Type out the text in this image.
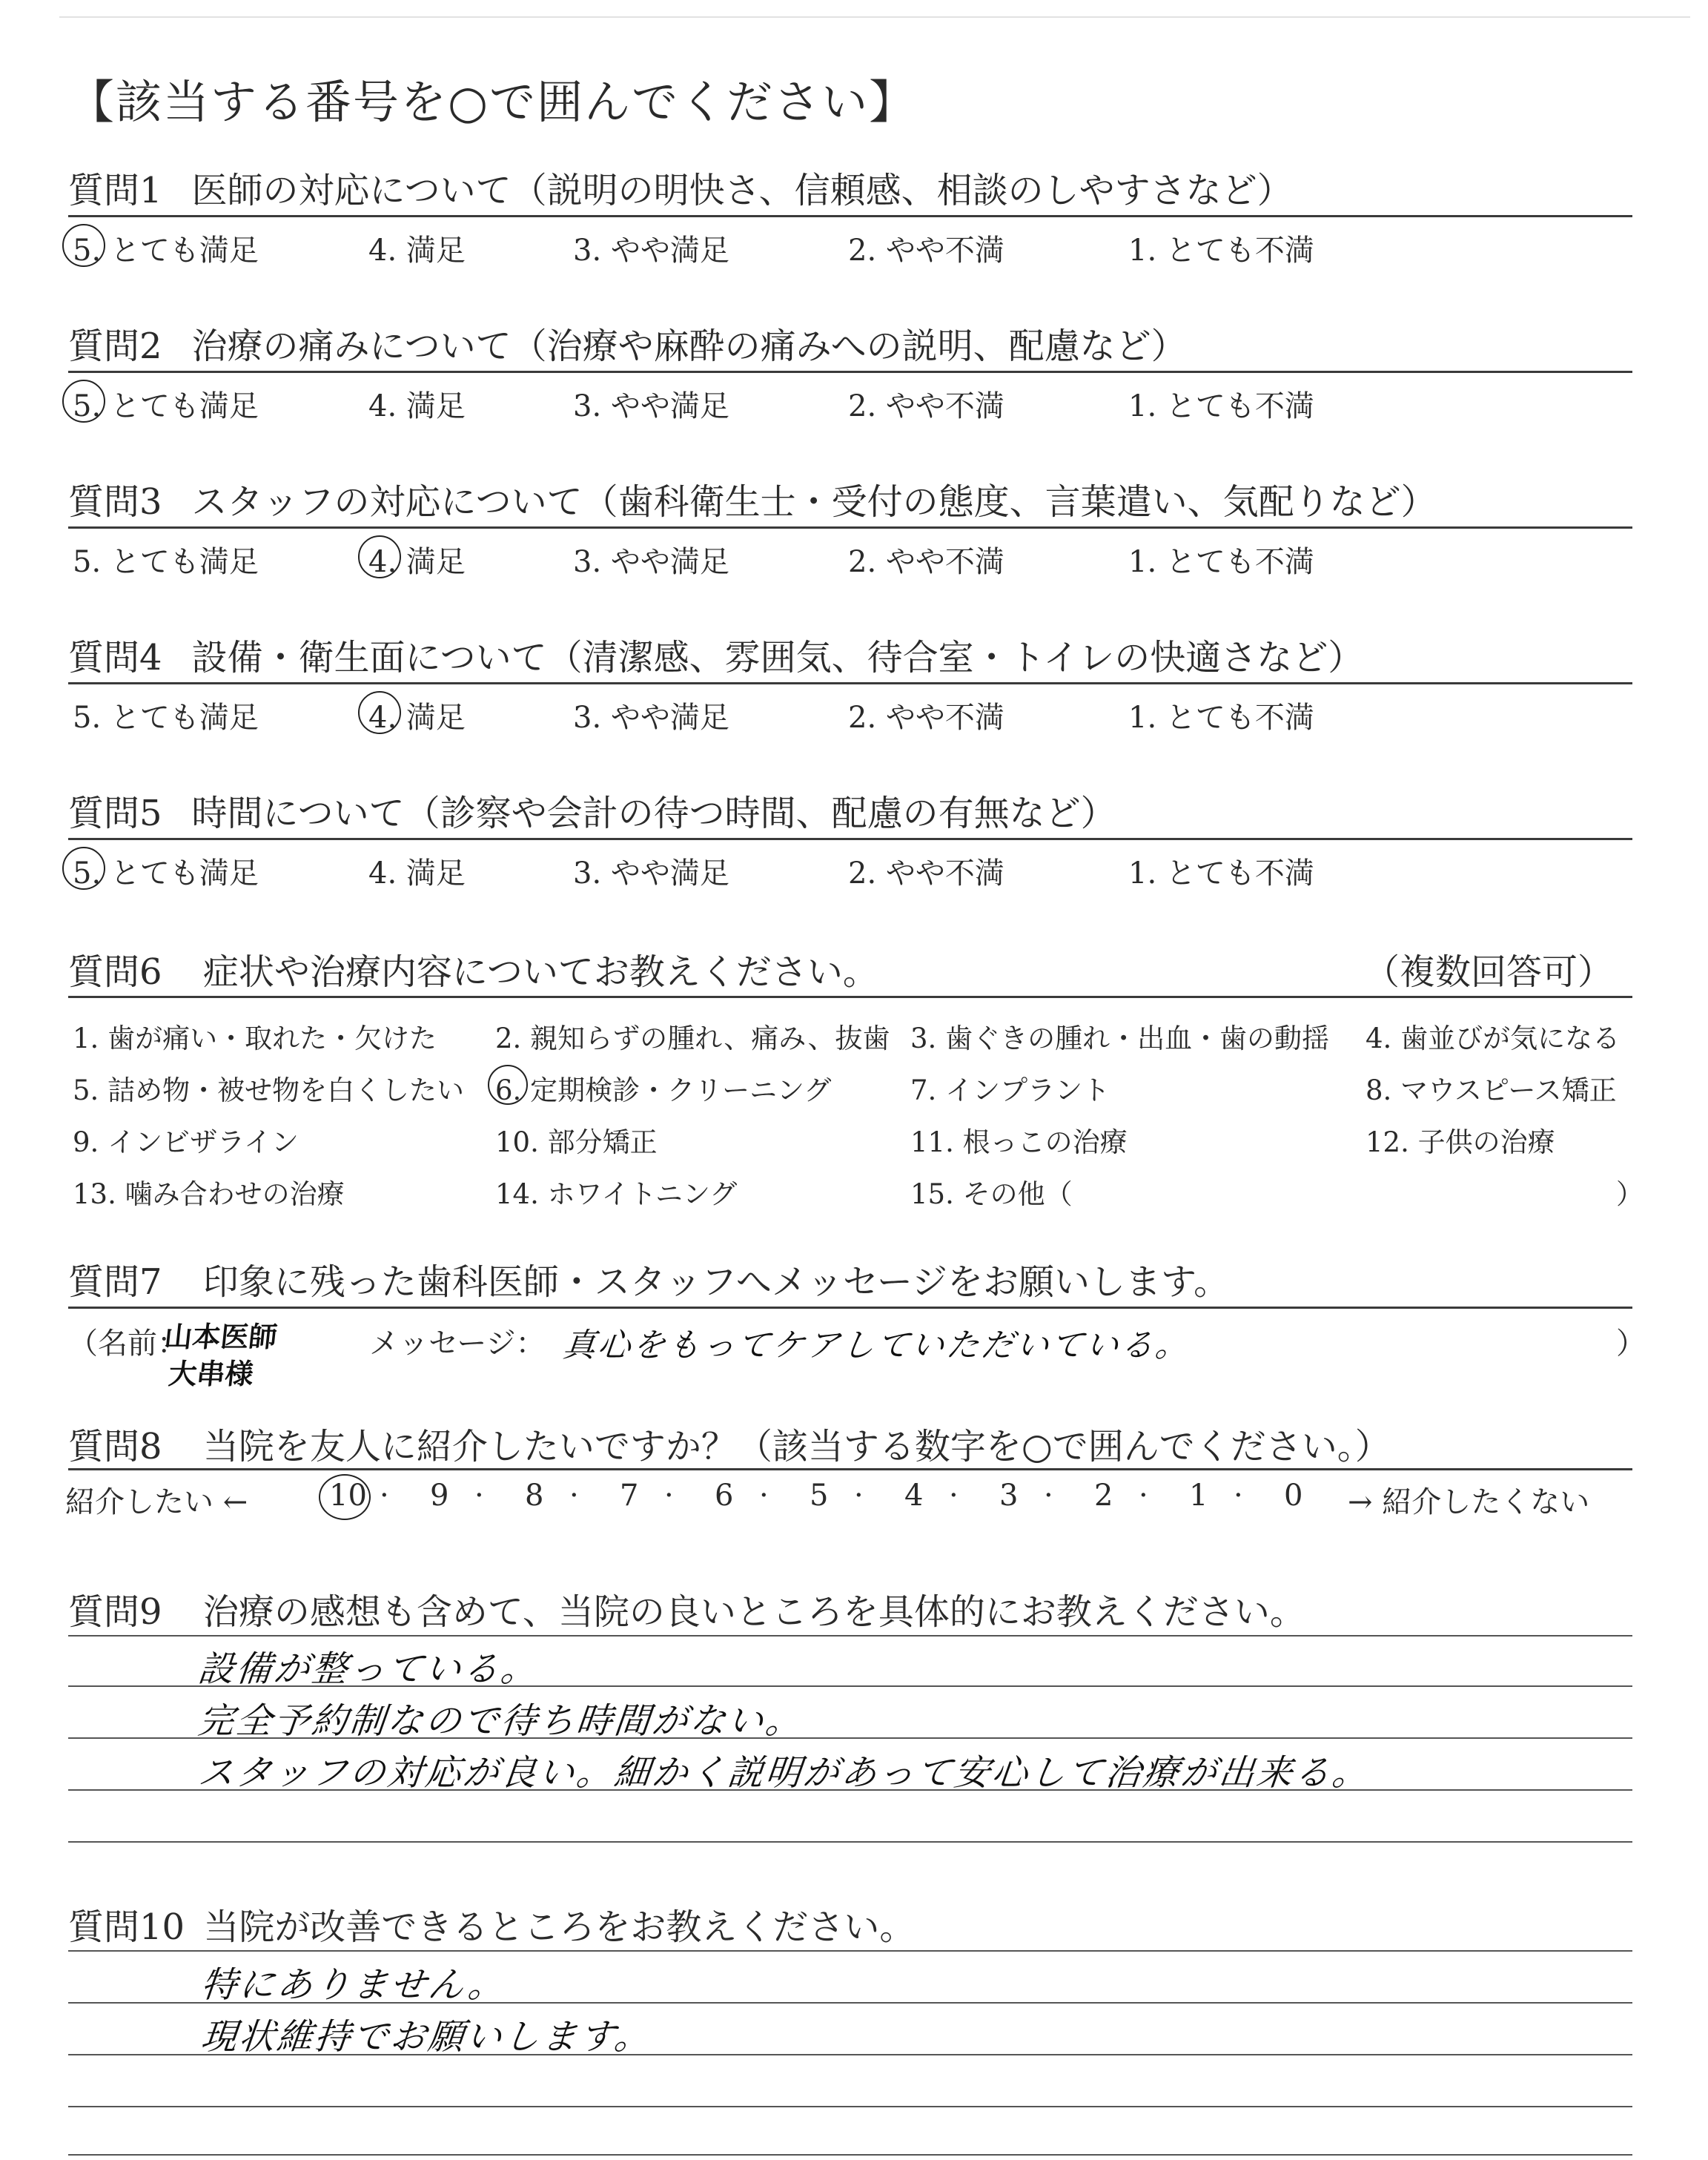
【該当する番号を○で囲んでください】
質問1 医師の対応について（説明の明快さ、信頼感、相談のしやすさなど）
5. とても満足	4. 満足	3. やや満足	2. やや不満	1. とても不満
質問2 治療の痛みについて（治療や麻酔の痛みへの説明、配慮など）
5. とても満足	4. 満足	3. やや満足	2. やや不満	1. とても不満
質問3 スタッフの対応について（歯科衛生士・受付の態度、言葉遣い、気配りなど）
5. とても満足	4. 満足	3. やや満足	2. やや不満	1. とても不満
質問4 設備・衛生面について（清潔感、雰囲気、待合室・トイレの快適さなど）
5. とても満足	4. 満足	3. やや満足	2. やや不満	1. とても不満
質問5 時間について（診察や会計の待つ時間、配慮の有無など）
5. とても満足	4. 満足	3. やや満足	2. やや不満	1. とても不満
質問6 症状や治療内容についてお教えください。	（複数回答可）
1. 歯が痛い・取れた・欠けた 2. 親知らずの腫れ、痛み、抜歯 3. 歯ぐきの腫れ・出血・歯の動揺 4. 歯並びが気になる
5. 詰め物・被せ物を白くしたい 6. 定期検診・クリーニング	7. インプラント	8. マウスピース矯正
9. インビザライン	10. 部分矯正	11. 根っこの治療	12. 子供の治療
13. 噛み合わせの治療	14. ホワイトニング	15. その他（	）
質問7 印象に残った歯科医師・スタッフへメッセージをお願いします。
（名前：
山本医師
大串様
メッセージ： 真心をもってケアしていただいている。	）
質問8 当院を友人に紹介したいですか？（該当する数字を○で囲んでください。）
紹介したい ←	→ 紹介したくない
10 · 9 · 8 · 7 · 6 · 5 · 4 · 3 · 2 · 1 · 0
質問9 治療の感想も含めて、当院の良いところを具体的にお教えください。
設備が整っている。
完全予約制なので待ち時間がない。
スタッフの対応が良い。細かく説明があって安心して治療が出来る。
質問10 当院が改善できるところをお教えください。
特にありません。
現状維持でお願いします。
